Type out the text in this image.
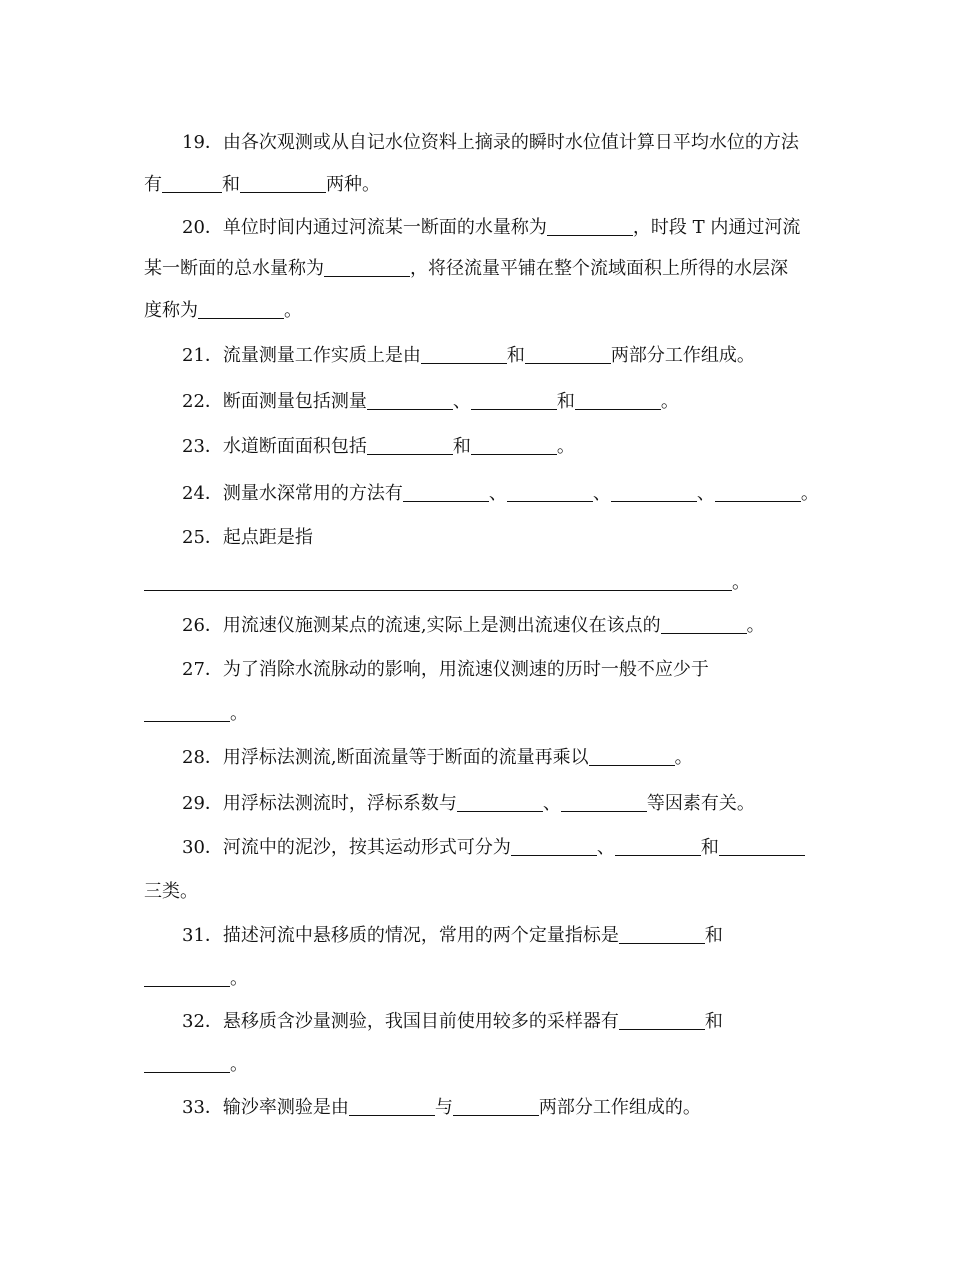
19．由各次观测或从自记水位资料上摘录的瞬时水位值计算日平均水位的方法
有	和	两种。
20．单位时间内通过河流某一断面的水量称为	，时段 T 内通过河流
某一断面的总水量称为	，将径流量平铺在整个流域面积上所得的水层深
度称为	。
21．流量测量工作实质上是由	和	两部分工作组成。
22．断面测量包括测量	、	和	。
23．水道断面面积包括	和	。
24．测量水深常用的方法有	、	、	、	。
25．起点距是指
。
26．用流速仪施测某点的流速,实际上是测出流速仪在该点的	。
27．为了消除水流脉动的影响，用流速仪测速的历时一般不应少于
。
28．用浮标法测流,断面流量等于断面的流量再乘以	。
29．用浮标法测流时，浮标系数与	、	等因素有关。
30．河流中的泥沙，按其运动形式可分为	、	和
三类。
31．描述河流中悬移质的情况，常用的两个定量指标是	和
。
32．悬移质含沙量测验，我国目前使用较多的采样器有	和
。
33．输沙率测验是由	与	两部分工作组成的。
